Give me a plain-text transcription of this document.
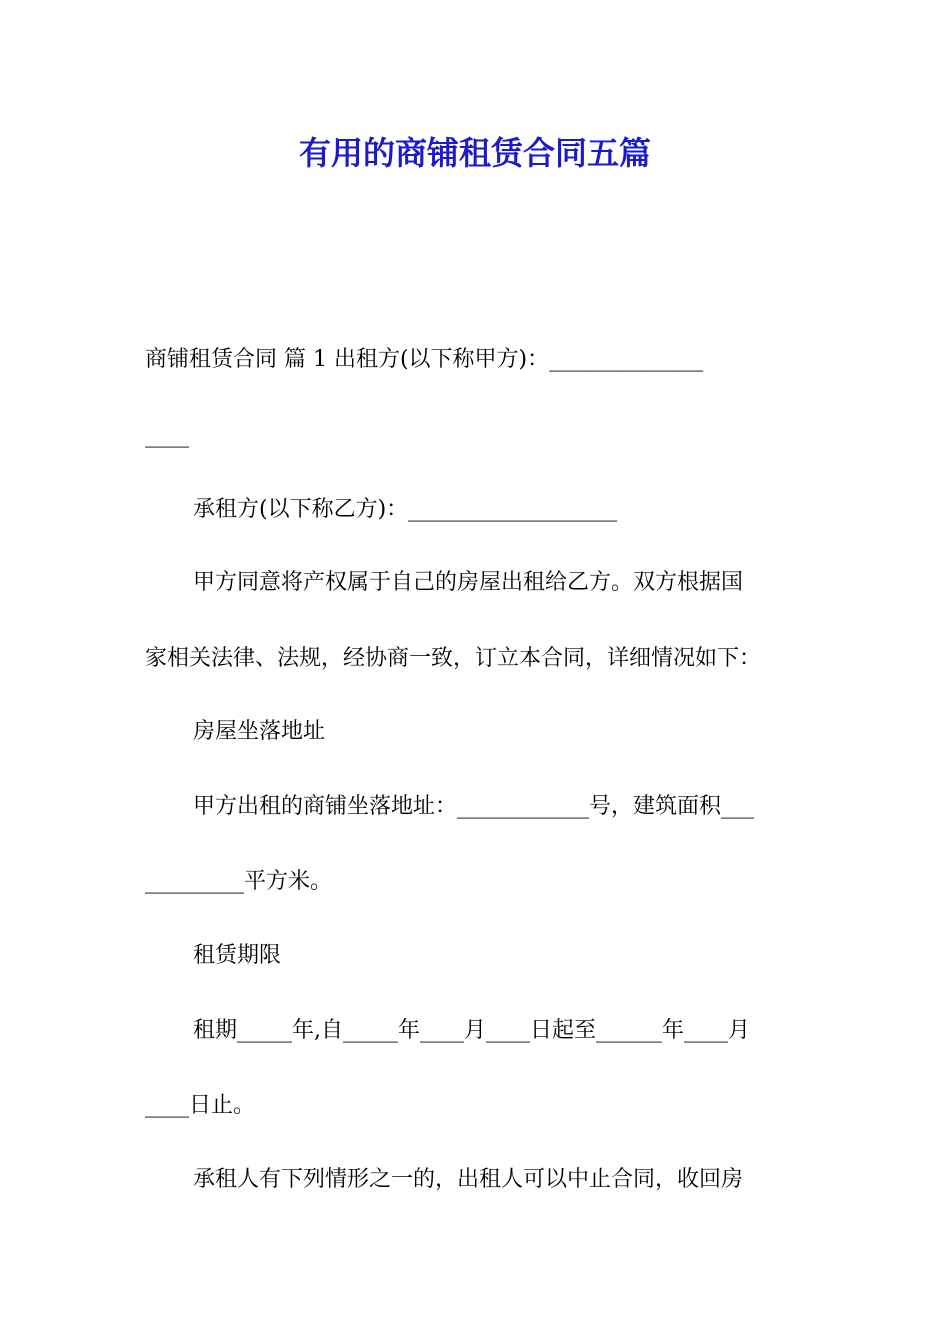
有用的商铺租赁合同五篇

商铺租赁合同 篇 1 出租方(以下称甲方)：______________

____

承租方(以下称乙方)：___________________

甲方同意将产权属于自己的房屋出租给乙方。双方根据国

家相关法律、法规，经协商一致，订立本合同，详细情况如下：

房屋坐落地址

甲方出租的商铺坐落地址：____________号，建筑面积___

_________平方米。

租赁期限

租期_____年,自_____年____月____日起至______年____月

____日止。

承租人有下列情形之一的，出租人可以中止合同，收回房
